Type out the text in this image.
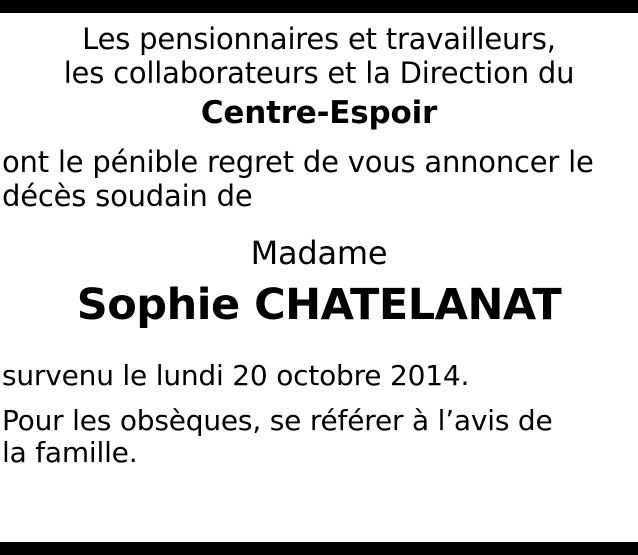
Les pensionnaires et travailleurs,
les collaborateurs et la Direction du
Centre-Espoir
ont le pénible regret de vous annoncer le
décès soudain de
Madame
Sophie CHATELANAT
survenu le lundi 20 octobre 2014.
Pour les obsèques, se référer à l’avis de
la famille.
